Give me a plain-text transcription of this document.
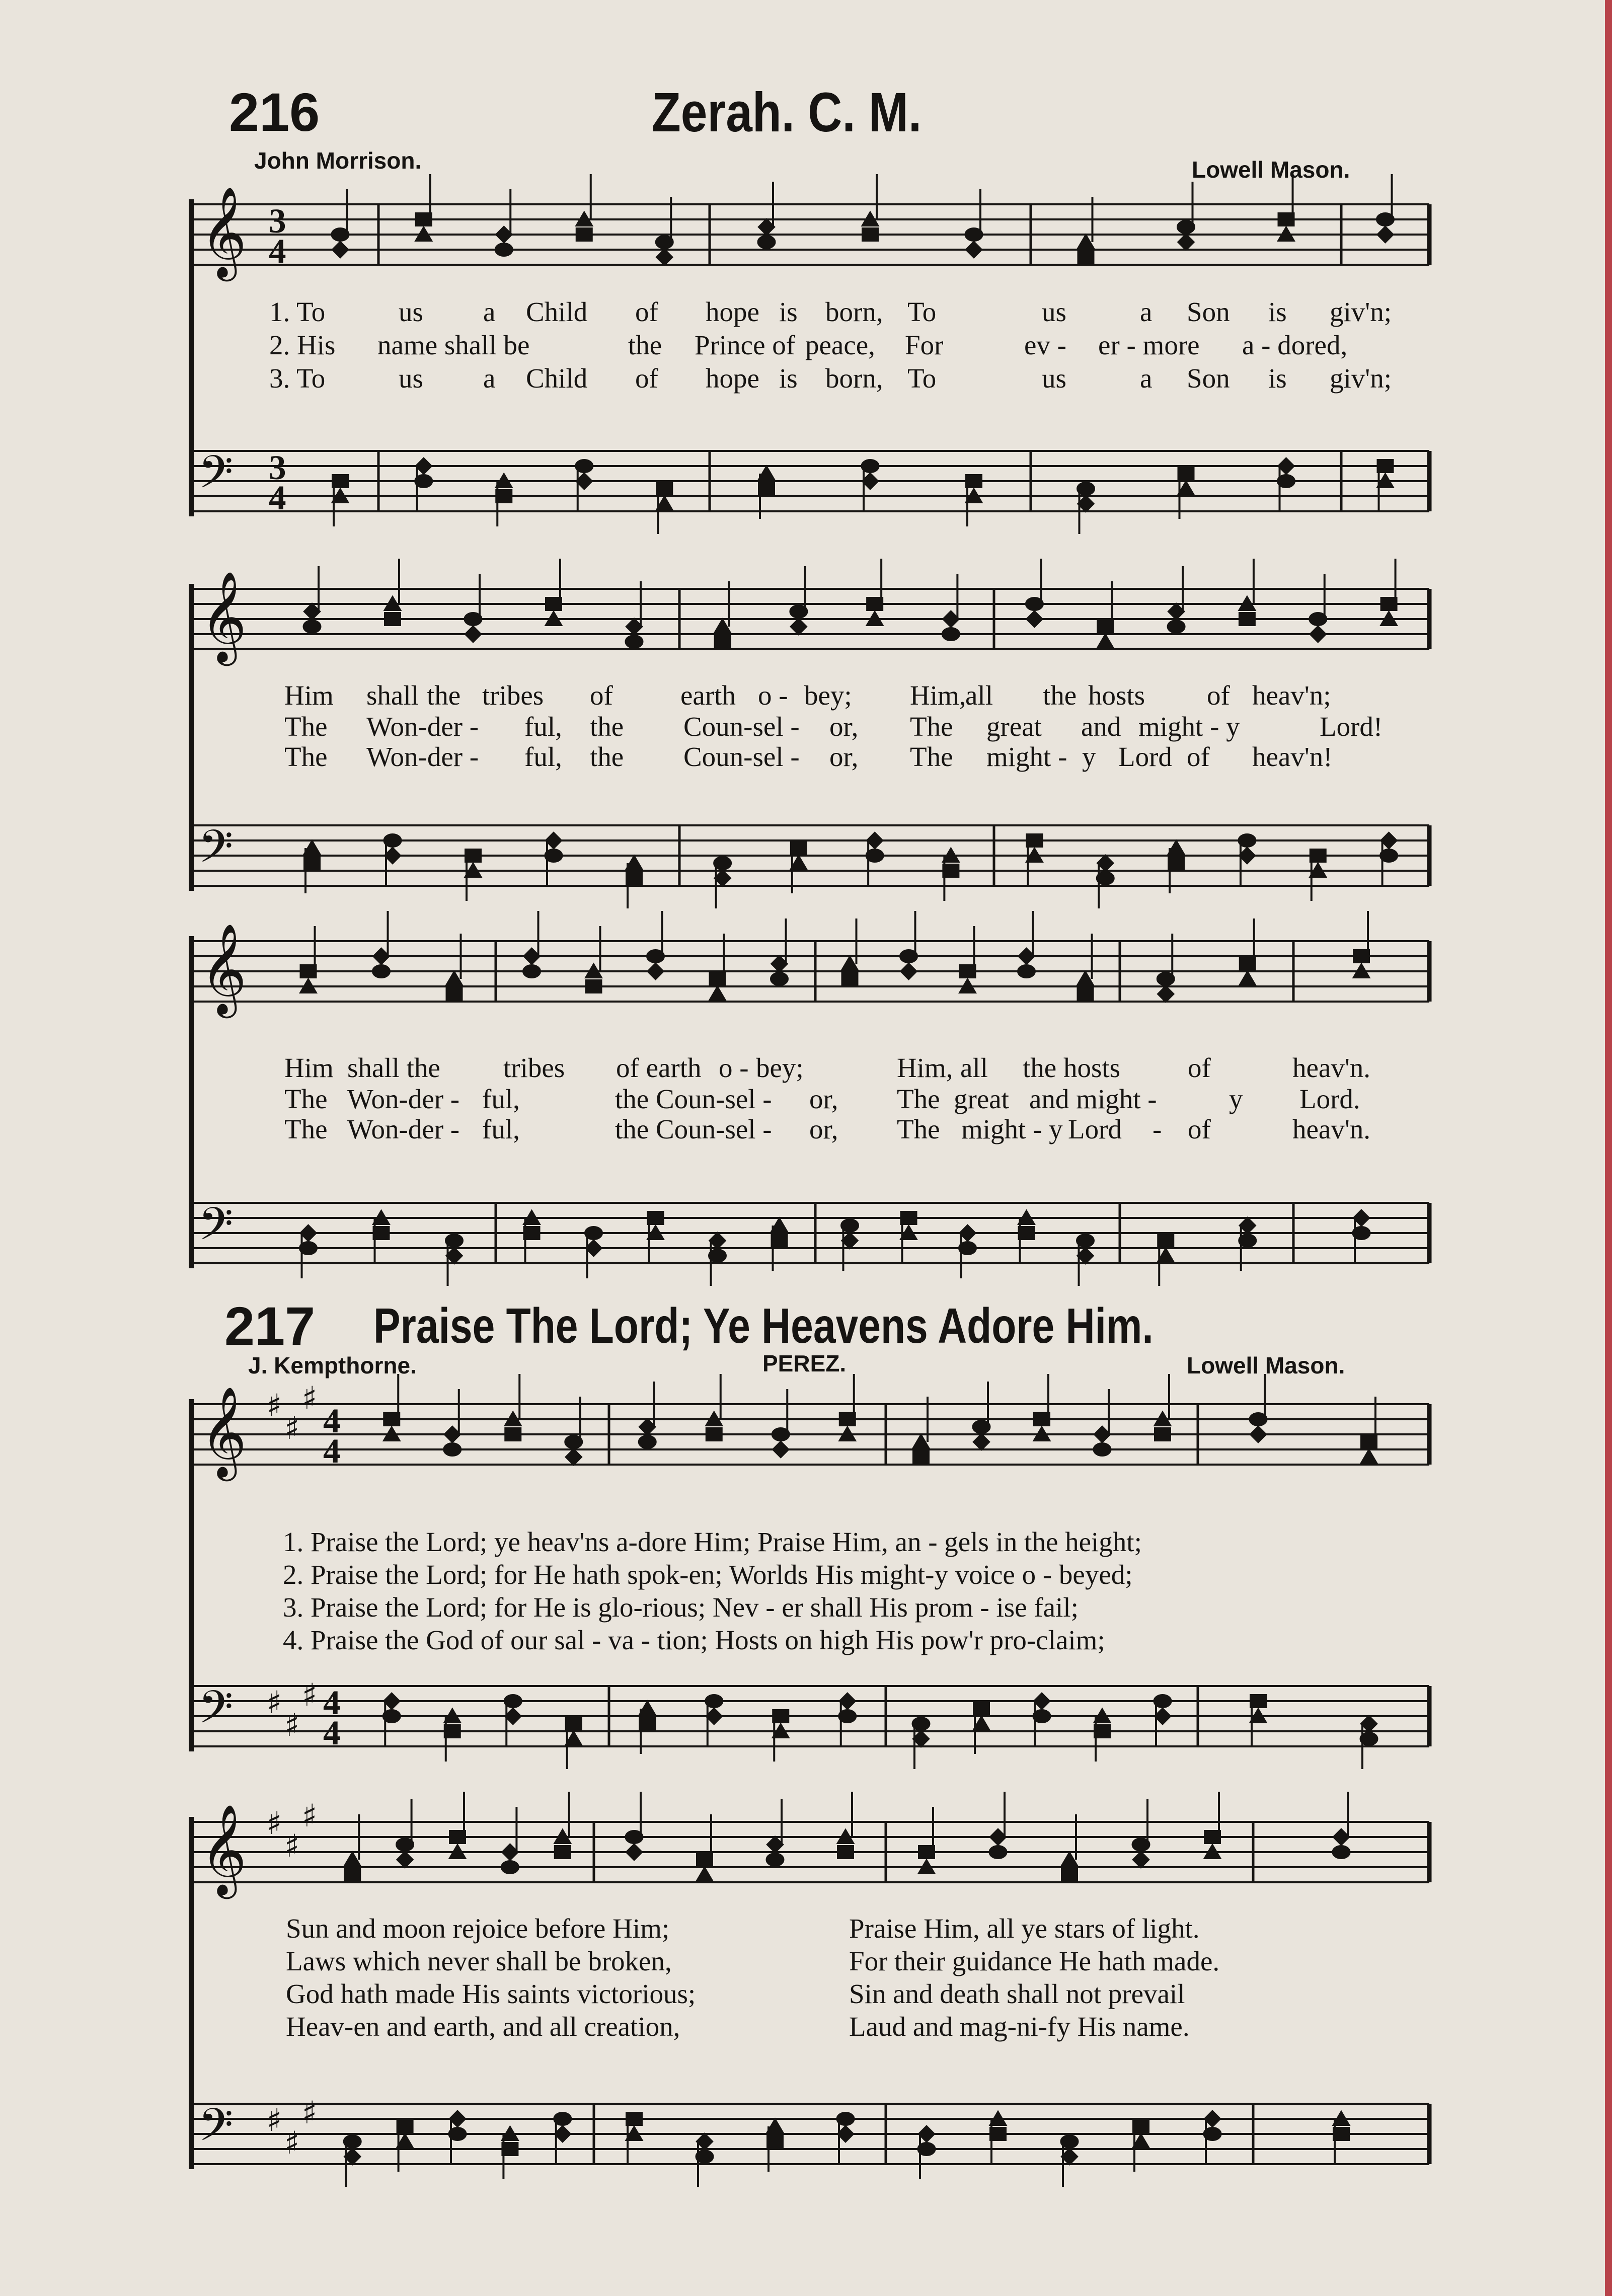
𝄞
𝄢
3
4
3
4
𝄞
𝄢
𝄞
𝄢
𝄞
𝄢
♯
♯
♯
♯
♯
♯
4
4
4
4
𝄞
𝄢
♯
♯
♯
♯
♯
♯
216	Zerah. C. M.
John Morrison.	Lowell Mason.
1. To	us a Child of hope is born, To	us	a Son is giv'n;
2. His name shall be	the Prince of peace, For	ev - er - more a - dored,
3. To	us a Child of hope is born, To	us	a Son is giv'n;
Him shall the tribes of earth o - bey; Him,
all the hosts of heav'n;
The Won-der - ful, the Coun-sel - or, The great and might - y	Lord!
The Won-der - ful, the Coun-sel - or, The might - y Lord of heav'n!
Him shall the tribes of earth o - bey;	Him, all the hosts of	heav'n.
The Won-der - ful,	the Coun-sel - or, The great and might -	y Lord.
The Won-der - ful,	the Coun-sel - or, The might - y Lord - of	heav'n.
217 Praise The Lord; Ye Heavens Adore Him.
J. Kempthorne.	PEREZ.	Lowell Mason.
1. Praise the Lord; ye heav'ns a-dore Him; Praise Him, an - gels in the height;
2. Praise the Lord; for He hath spok-en; Worlds His might-y voice o - beyed;
3. Praise the Lord; for He is glo-rious; Nev - er shall His prom - ise fail;
4. Praise the God of our sal - va - tion; Hosts on high His pow'r pro-claim;
Sun and moon rejoice before Him;
Laws which never shall be broken,
God hath made His saints victorious;
Heav-en and earth, and all creation,
Praise Him, all ye stars of light.
For their guidance He hath made.
Sin and death shall not prevail
Laud and mag-ni-fy His name.
